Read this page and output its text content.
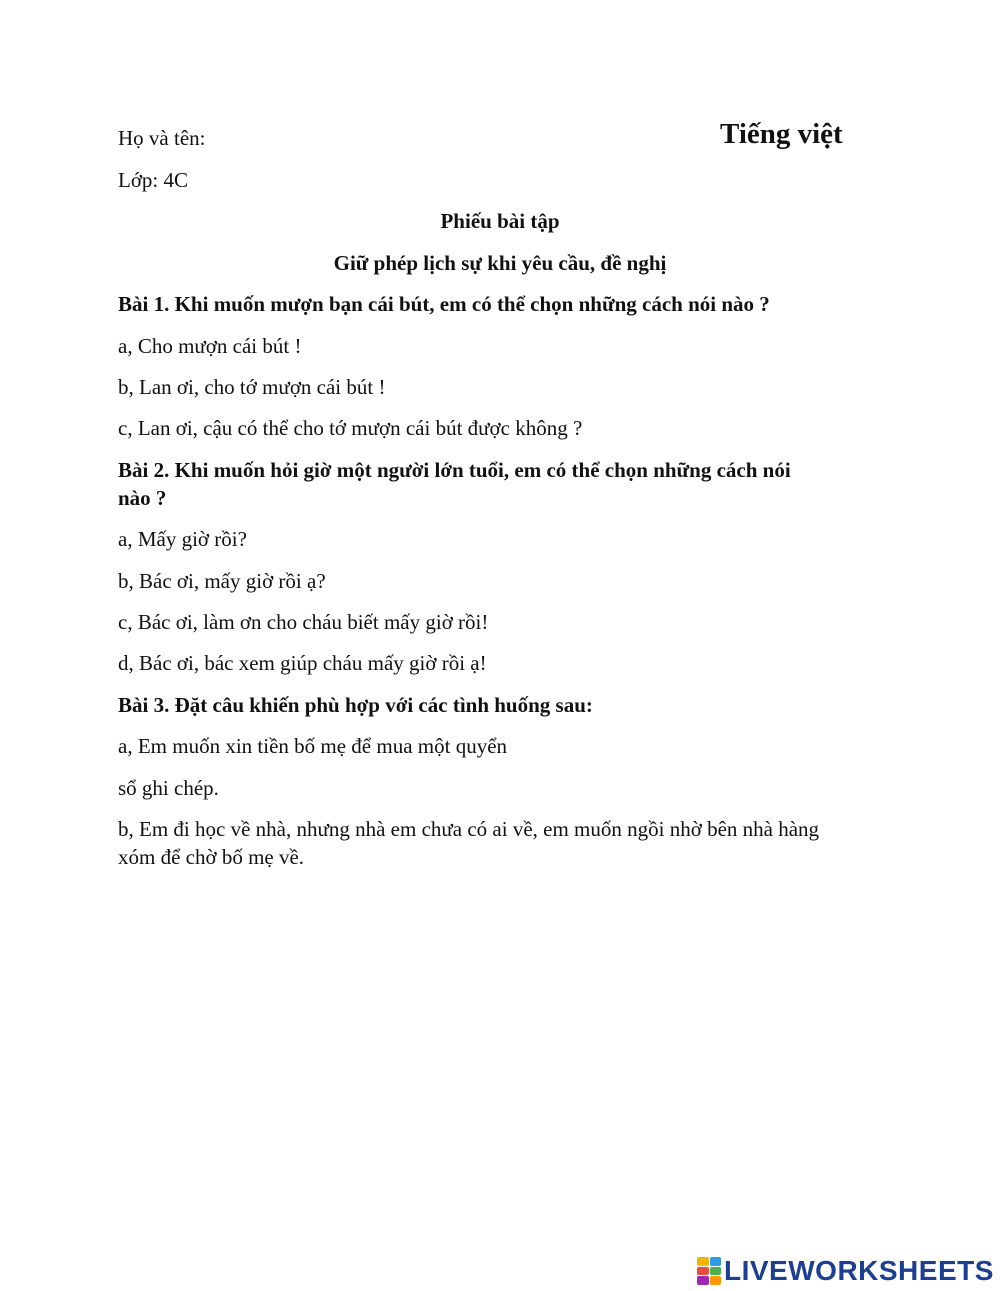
Họ và tên:	Tiếng việt
Lớp: 4C
Phiếu bài tập
Giữ phép lịch sự khi yêu cầu, đề nghị
Bài 1. Khi muốn mượn bạn cái bút, em có thể chọn những cách nói nào ?
a, Cho mượn cái bút !
b, Lan ơi, cho tớ mượn cái bút !
c, Lan ơi, cậu có thể cho tớ mượn cái bút được không ?
Bài 2. Khi muốn hỏi giờ một người lớn tuổi, em có thể chọn những cách nói
nào ?
a, Mấy giờ rồi?
b, Bác ơi, mấy giờ rồi ạ?
c, Bác ơi, làm ơn cho cháu biết mấy giờ rồi!
d, Bác ơi, bác xem giúp cháu mấy giờ rồi ạ!
Bài 3. Đặt câu khiến phù hợp với các tình huống sau:
a, Em muốn xin tiền bố mẹ để mua một quyển
sổ ghi chép.
b, Em đi học về nhà, nhưng nhà em chưa có ai về, em muốn ngồi nhờ bên nhà hàng
xóm để chờ bố mẹ về.
LIVEWORKSHEETS
